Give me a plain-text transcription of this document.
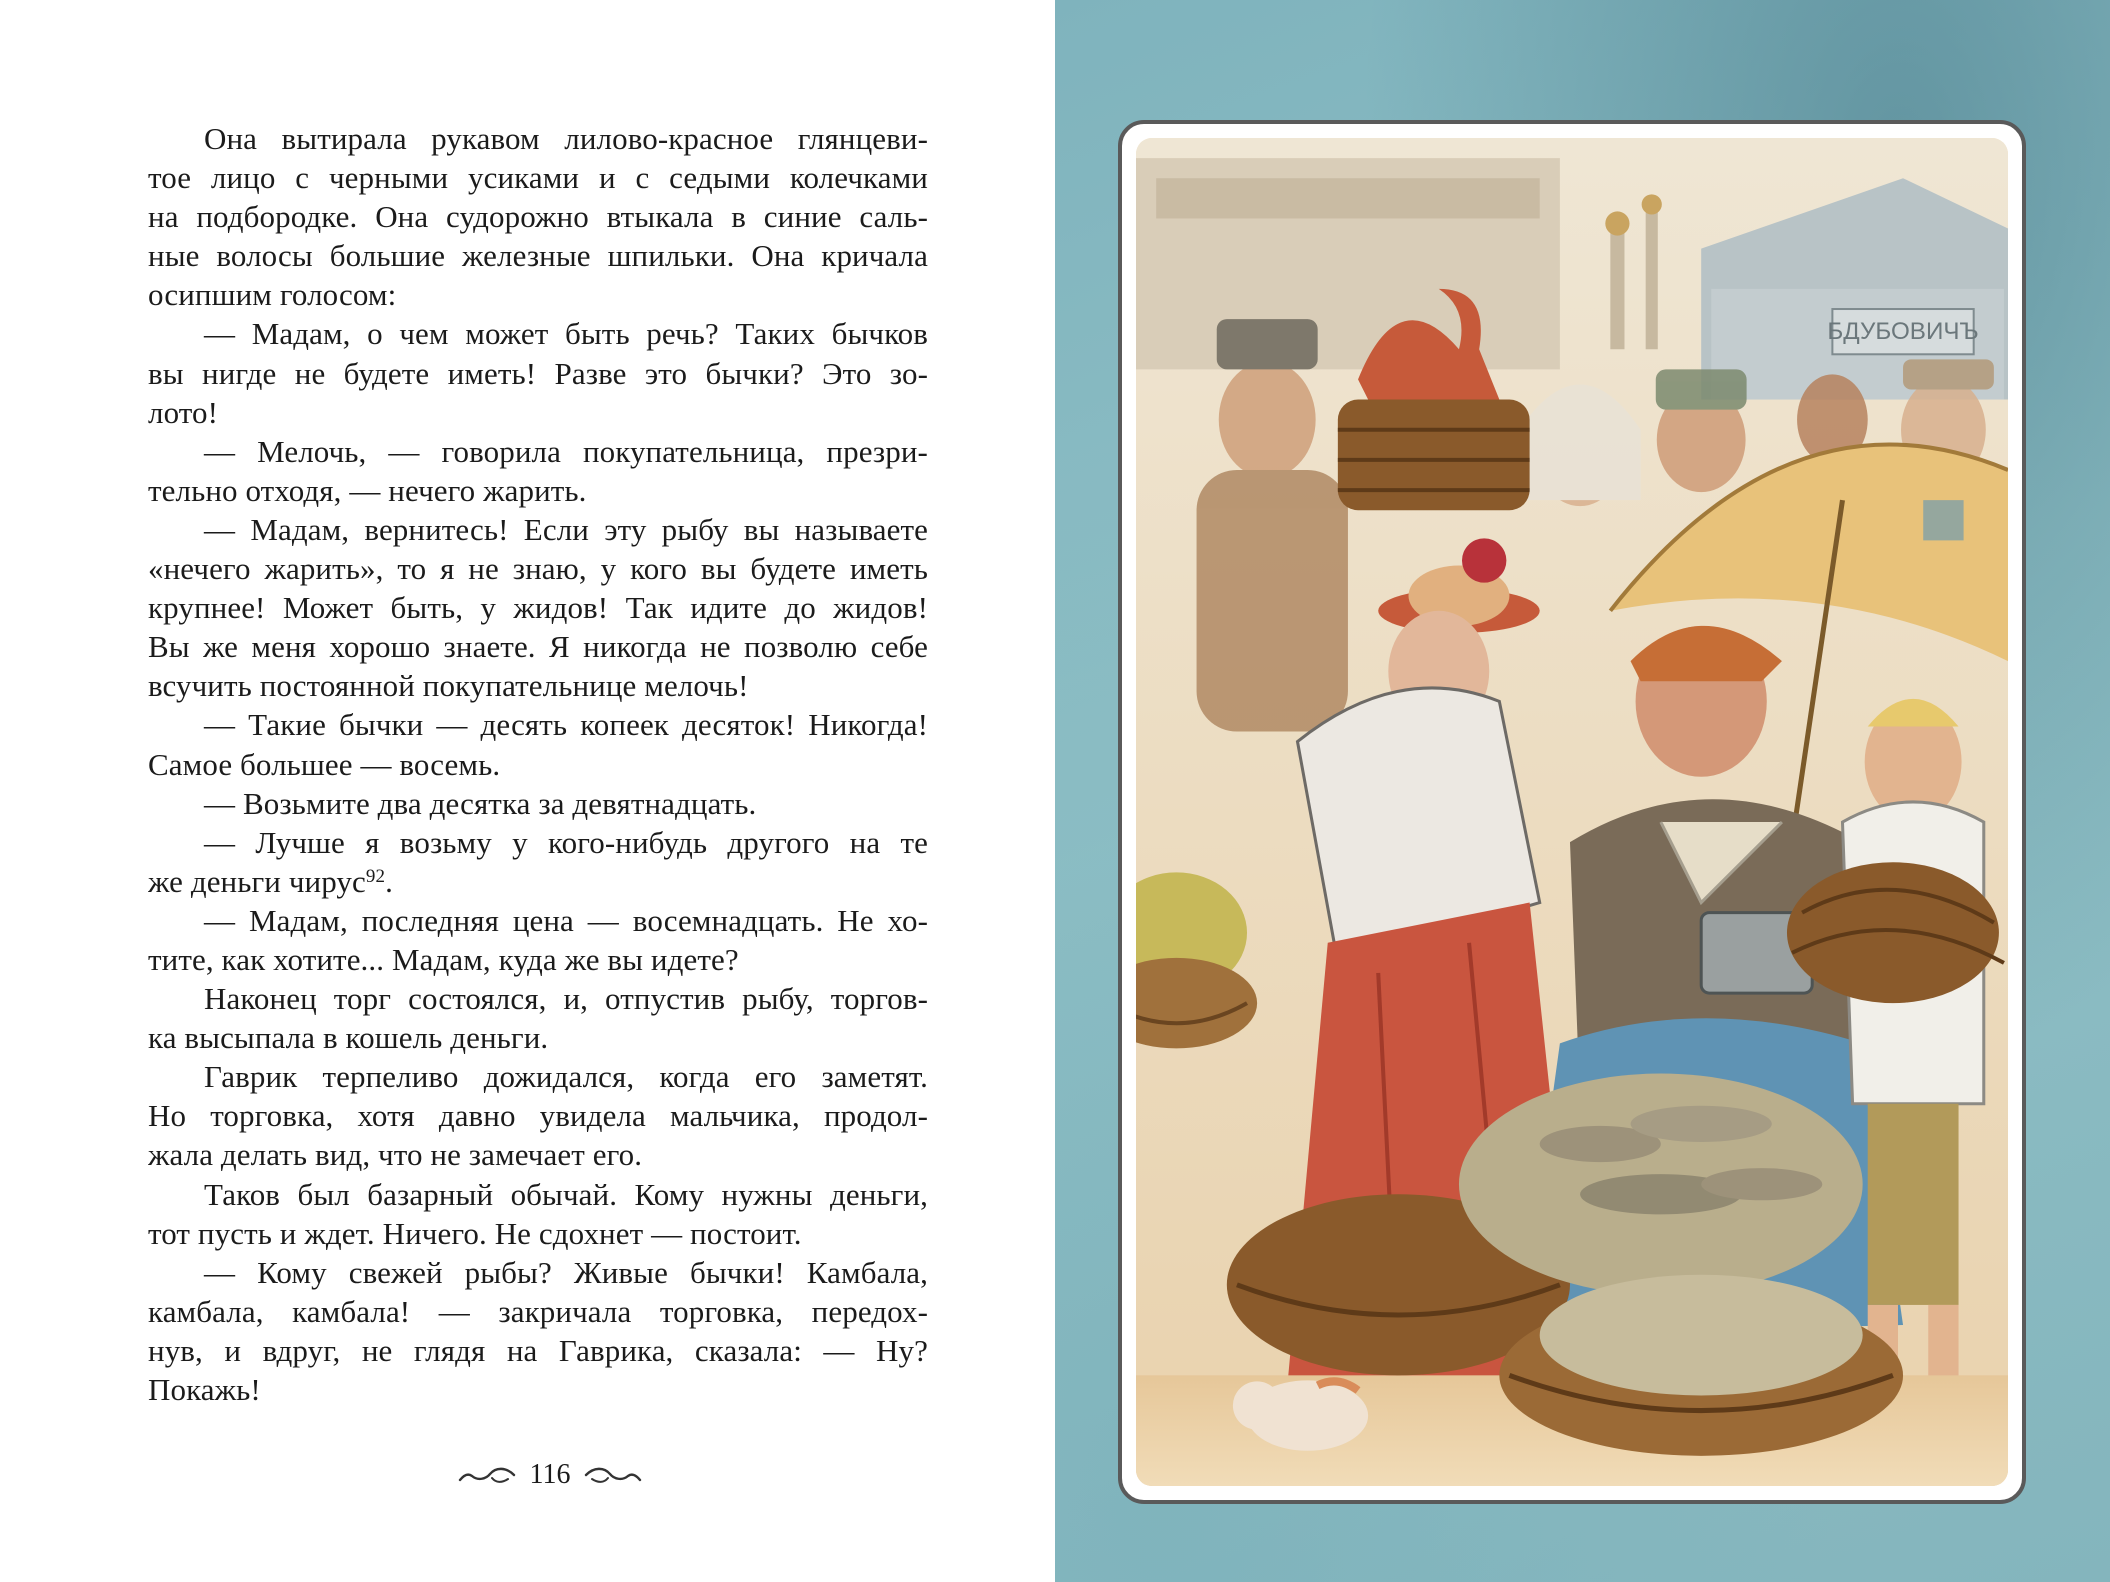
Она вытирала рукавом лилово-красное глянцеви-

тое лицо с черными усиками и с седыми колечками

на подбородке. Она судорожно втыкала в синие саль-

ные волосы большие железные шпильки. Она кричала

осипшим голосом:

— Мадам, о чем может быть речь? Таких бычков

вы нигде не будете иметь! Разве это бычки? Это зо-

лото!

— Мелочь, — говорила покупательница, презри-

тельно отходя, — нечего жарить.

— Мадам, вернитесь! Если эту рыбу вы называете

«нечего жарить», то я не знаю, у кого вы будете иметь

крупнее! Может быть, у жидов! Так идите до жидов!

Вы же меня хорошо знаете. Я никогда не позволю себе

всучить постоянной покупательнице мелочь!

— Такие бычки — десять копеек десяток! Никогда!

Самое большее — восемь.

— Возьмите два десятка за девятнадцать.

— Лучше я возьму у кого-нибудь другого на те

же деньги чирус$^{92}$.

— Мадам, последняя цена — восемнадцать. Не хо-

тите, как хотите... Мадам, куда же вы идете?

Наконец торг состоялся, и, отпустив рыбу, торгов-

ка высыпала в кошель деньги.

Гаврик терпеливо дожидался, когда его заметят.

Но торговка, хотя давно увидела мальчика, продол-

жала делать вид, что не замечает его.

Таков был базарный обычай. Кому нужны деньги,

тот пусть и ждет. Ничего. Не сдохнет — постоит.

— Кому свежей рыбы? Живые бычки! Камбала,

камбала, камбала! — закричала торговка, передох-

нув, и вдруг, не глядя на Гаврика, сказала: — Ну?

Покажь!

116
БДУБОВИЧЪ
